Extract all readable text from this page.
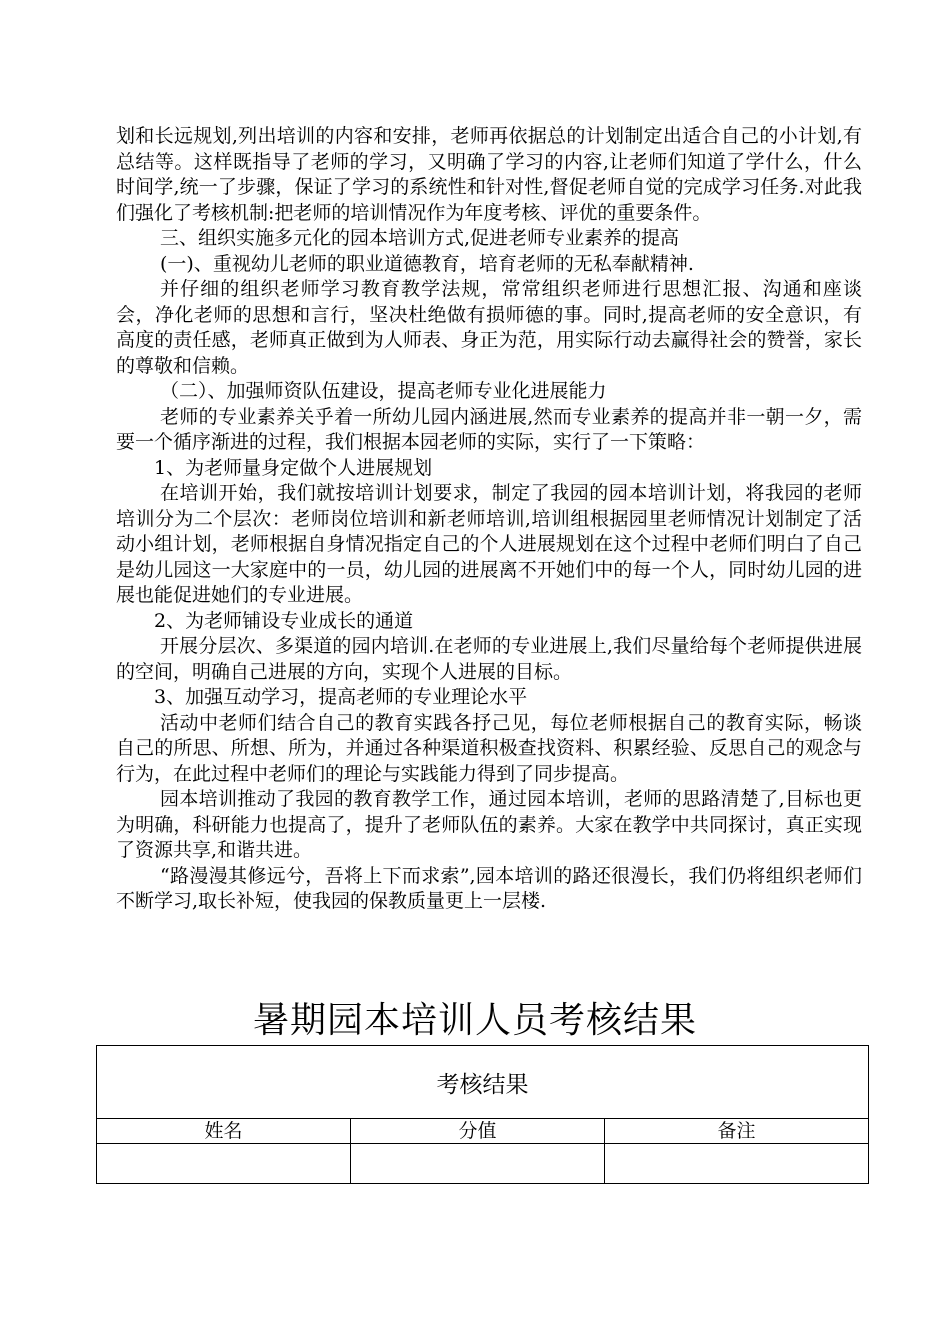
划和长远规划,列出培训的内容和安排，老师再依据总的计划制定出适合自己的小计划,有总结等。这样既指导了老师的学习，又明确了学习的内容,让老师们知道了学什么，什么时间学,统一了步骤，保证了学习的系统性和针对性,督促老师自觉的完成学习任务.对此我们强化了考核机制:把老师的培训情况作为年度考核、评优的重要条件。

三、组织实施多元化的园本培训方式,促进老师专业素养的提高

(一)、重视幼儿老师的职业道德教育，培育老师的无私奉献精神.

并仔细的组织老师学习教育教学法规，常常组织老师进行思想汇报、沟通和座谈会，净化老师的思想和言行，坚决杜绝做有损师德的事。同时,提高老师的安全意识，有高度的责任感，老师真正做到为人师表、身正为范，用实际行动去赢得社会的赞誉，家长的尊敬和信赖。

（二）、加强师资队伍建设，提高老师专业化进展能力

老师的专业素养关乎着一所幼儿园内涵进展,然而专业素养的提高并非一朝一夕，需要一个循序渐进的过程，我们根据本园老师的实际，实行了一下策略：

1、为老师量身定做个人进展规划

在培训开始，我们就按培训计划要求，制定了我园的园本培训计划，将我园的老师培训分为二个层次：老师岗位培训和新老师培训,培训组根据园里老师情况计划制定了活动小组计划，老师根据自身情况指定自己的个人进展规划在这个过程中老师们明白了自己是幼儿园这一大家庭中的一员，幼儿园的进展离不开她们中的每一个人，同时幼儿园的进展也能促进她们的专业进展。

2、为老师铺设专业成长的通道

开展分层次、多渠道的园内培训.在老师的专业进展上,我们尽量给每个老师提供进展的空间，明确自己进展的方向，实现个人进展的目标。

3、加强互动学习，提高老师的专业理论水平

活动中老师们结合自己的教育实践各抒己见，每位老师根据自己的教育实际，畅谈自己的所思、所想、所为，并通过各种渠道积极查找资料、积累经验、反思自己的观念与行为，在此过程中老师们的理论与实践能力得到了同步提高。

园本培训推动了我园的教育教学工作，通过园本培训，老师的思路清楚了,目标也更为明确，科研能力也提高了，提升了老师队伍的素养。大家在教学中共同探讨，真正实现了资源共享,和谐共进。

“路漫漫其修远兮，吾将上下而求索”,园本培训的路还很漫长，我们仍将组织老师们不断学习,取长补短，使我园的保教质量更上一层楼.

暑期园本培训人员考核结果
考核结果		
姓名	分值	备注
